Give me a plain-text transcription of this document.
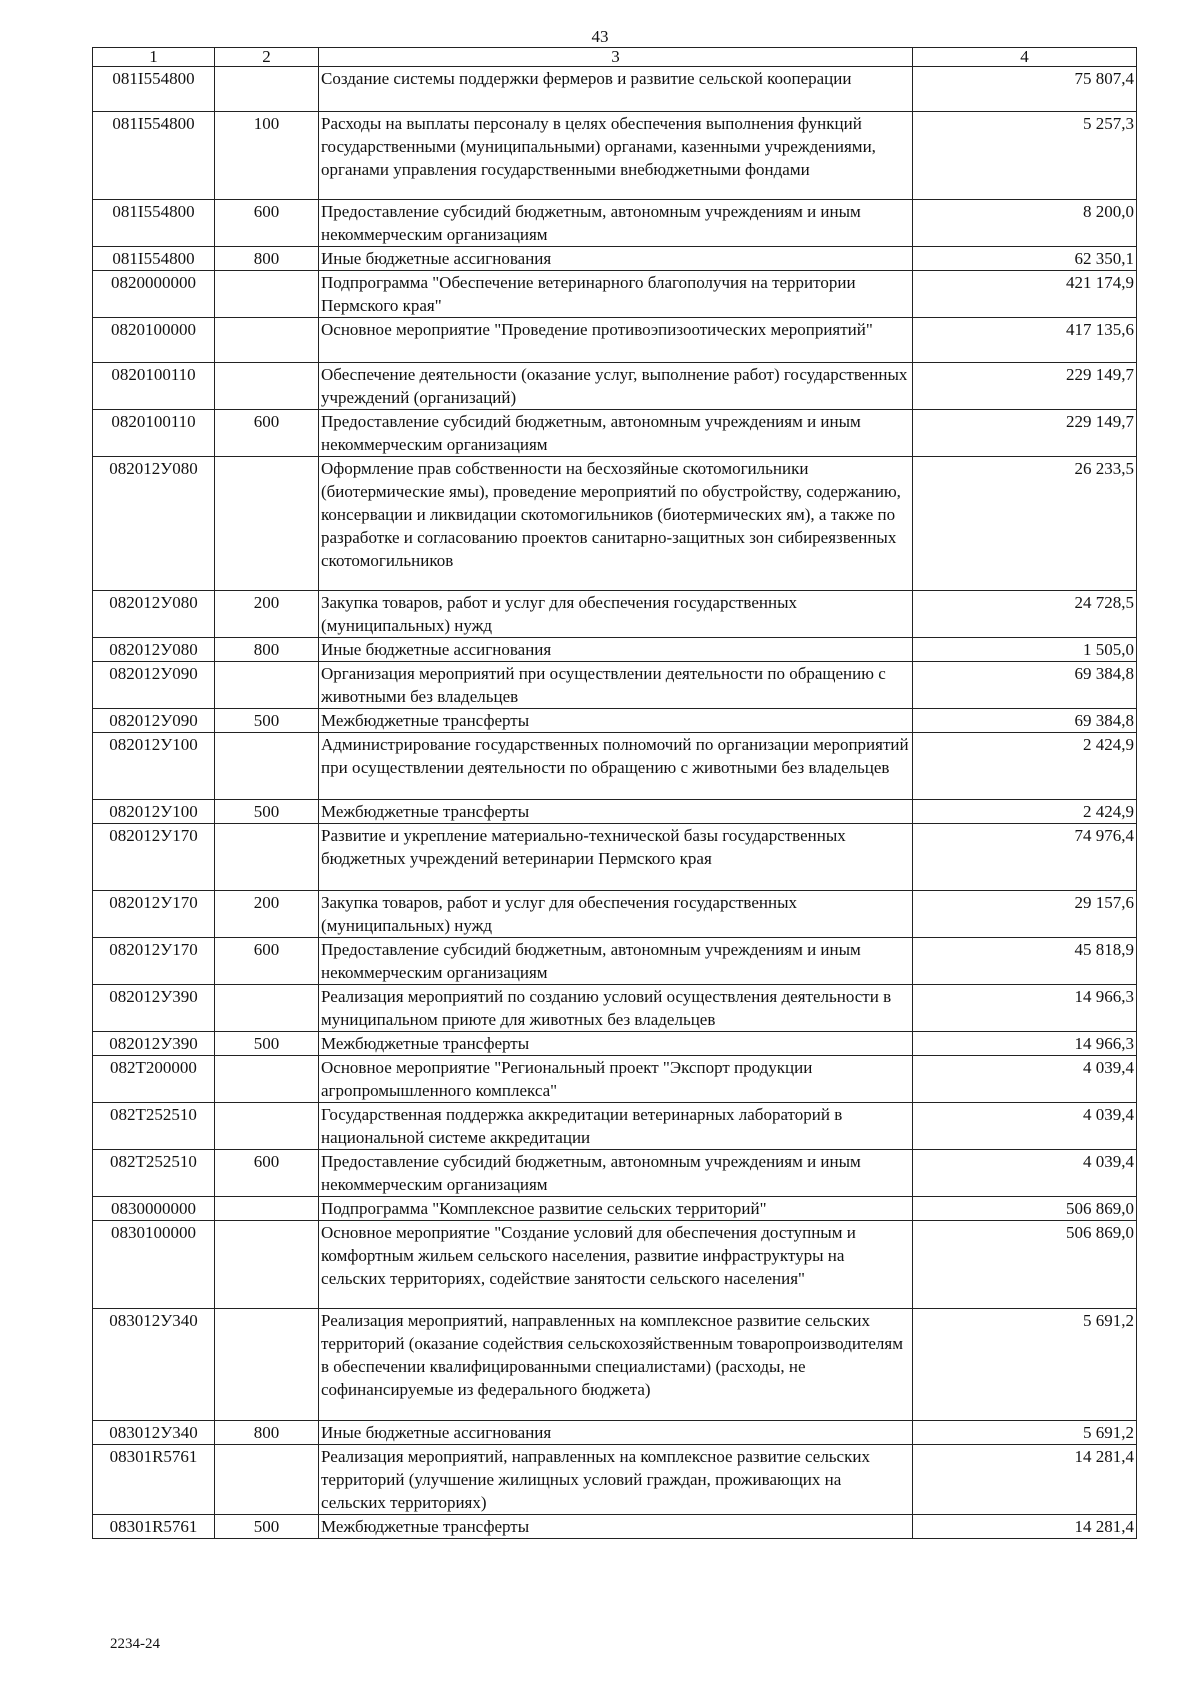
43
1	2	3	4
081I554800		Создание системы поддержки фермеров и развитие сельской кооперации	75 807,4
081I554800	100	Расходы на выплаты персоналу в целях обеспечения выполнения функций государственными (муниципальными) органами, казенными учреждениями, органами управления государственными внебюджетными фондами	5 257,3
081I554800	600	Предоставление субсидий бюджетным, автономным учреждениям и иным некоммерческим организациям	8 200,0
081I554800	800	Иные бюджетные ассигнования	62 350,1
0820000000		Подпрограмма "Обеспечение ветеринарного благополучия на территории Пермского края"	421 174,9
0820100000		Основное мероприятие "Проведение противоэпизоотических мероприятий"	417 135,6
0820100110		Обеспечение деятельности (оказание услуг, выполнение работ) государственных учреждений (организаций)	229 149,7
0820100110	600	Предоставление субсидий бюджетным, автономным учреждениям и иным некоммерческим организациям	229 149,7
082012У080		Оформление прав собственности на бесхозяйные скотомогильники (биотермические ямы), проведение мероприятий по обустройству, содержанию, консервации и ликвидации скотомогильников (биотермических ям), а также по разработке и согласованию проектов санитарно-защитных зон сибиреязвенных скотомогильников	26 233,5
082012У080	200	Закупка товаров, работ и услуг для обеспечения государственных (муниципальных) нужд	24 728,5
082012У080	800	Иные бюджетные ассигнования	1 505,0
082012У090		Организация мероприятий при осуществлении деятельности по обращению с животными без владельцев	69 384,8
082012У090	500	Межбюджетные трансферты	69 384,8
082012У100		Администрирование государственных полномочий по организации мероприятий при осуществлении деятельности по обращению с животными без владельцев	2 424,9
082012У100	500	Межбюджетные трансферты	2 424,9
082012У170		Развитие и укрепление материально-технической базы государственных бюджетных учреждений ветеринарии Пермского края	74 976,4
082012У170	200	Закупка товаров, работ и услуг для обеспечения государственных (муниципальных) нужд	29 157,6
082012У170	600	Предоставление субсидий бюджетным, автономным учреждениям и иным некоммерческим организациям	45 818,9
082012У390		Реализация мероприятий по созданию условий осуществления деятельности в муниципальном приюте для животных без владельцев	14 966,3
082012У390	500	Межбюджетные трансферты	14 966,3
082Т200000		Основное мероприятие "Региональный проект "Экспорт продукции агропромышленного комплекса"	4 039,4
082Т252510		Государственная поддержка аккредитации ветеринарных лабораторий в национальной системе аккредитации	4 039,4
082Т252510	600	Предоставление субсидий бюджетным, автономным учреждениям и иным некоммерческим организациям	4 039,4
0830000000		Подпрограмма "Комплексное развитие сельских территорий"	506 869,0
0830100000		Основное мероприятие "Создание условий для обеспечения доступным и комфортным жильем сельского населения, развитие инфраструктуры на сельских территориях, содействие занятости сельского населения"	506 869,0
083012У340		Реализация мероприятий, направленных на комплексное развитие сельских территорий (оказание содействия сельскохозяйственным товаропроизводителям в обеспечении квалифицированными специалистами) (расходы, не софинансируемые из федерального бюджета)	5 691,2
083012У340	800	Иные бюджетные ассигнования	5 691,2
08301R5761		Реализация мероприятий, направленных на комплексное развитие сельских территорий (улучшение жилищных условий граждан, проживающих на сельских территориях)	14 281,4
08301R5761	500	Межбюджетные трансферты	14 281,4
2234-24
